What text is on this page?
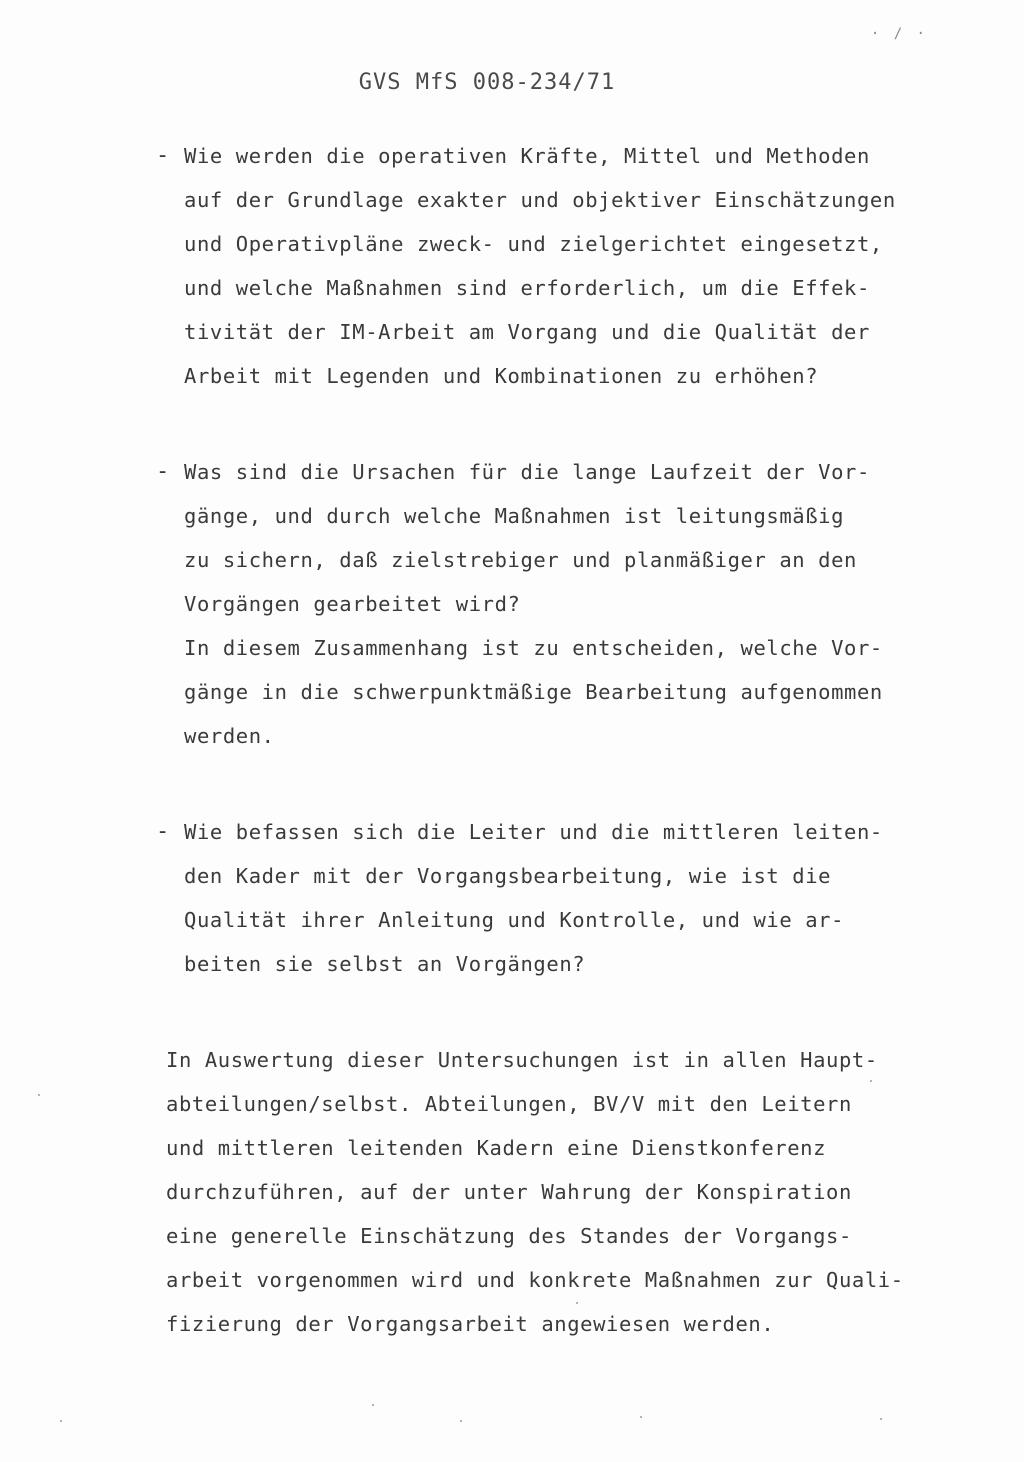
· / ·
GVS MfS 008-234/71
- Wie werden die operativen Kräfte, Mittel und Methoden
auf der Grundlage exakter und objektiver Einschätzungen
und Operativpläne zweck- und zielgerichtet eingesetzt,
und welche Maßnahmen sind erforderlich, um die Effek-
tivität der IM-Arbeit am Vorgang und die Qualität der
Arbeit mit Legenden und Kombinationen zu erhöhen?
- Was sind die Ursachen für die lange Laufzeit der Vor-
gänge, und durch welche Maßnahmen ist leitungsmäßig
zu sichern, daß zielstrebiger und planmäßiger an den
Vorgängen gearbeitet wird?
In diesem Zusammenhang ist zu entscheiden, welche Vor-
gänge in die schwerpunktmäßige Bearbeitung aufgenommen
werden.
- Wie befassen sich die Leiter und die mittleren leiten-
den Kader mit der Vorgangsbearbeitung, wie ist die
Qualität ihrer Anleitung und Kontrolle, und wie ar-
beiten sie selbst an Vorgängen?
In Auswertung dieser Untersuchungen ist in allen Haupt-
abteilungen/selbst. Abteilungen, BV/V mit den Leitern
und mittleren leitenden Kadern eine Dienstkonferenz
durchzuführen, auf der unter Wahrung der Konspiration
eine generelle Einschätzung des Standes der Vorgangs-
arbeit vorgenommen wird und konkrete Maßnahmen zur Quali-
fizierung der Vorgangsarbeit angewiesen werden.
